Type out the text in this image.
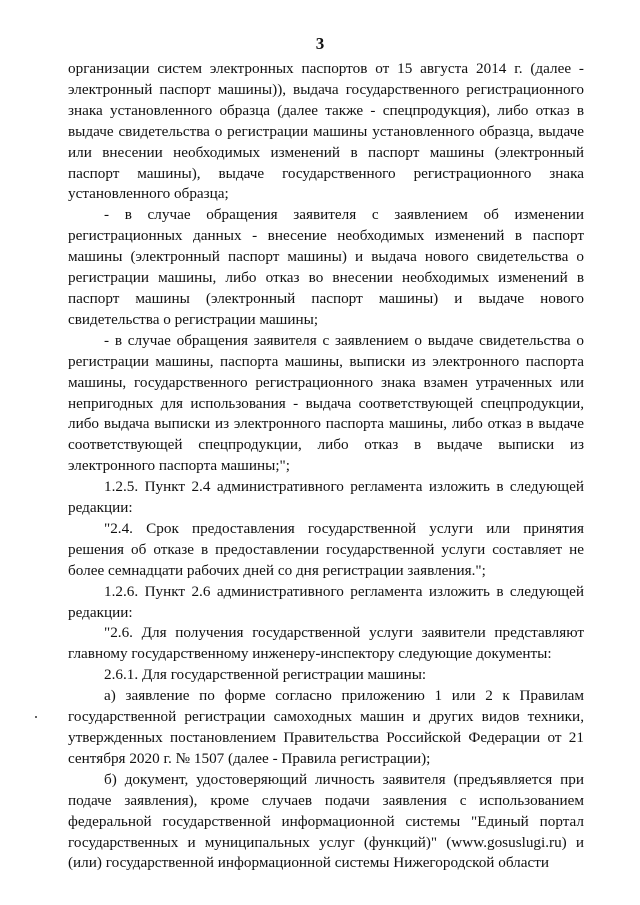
3

организации систем электронных паспортов от 15 августа 2014 г. (далее - электронный паспорт машины)), выдача государственного регистрационного знака установленного образца (далее также - спецпродукция), либо отказ в выдаче свидетельства о регистрации машины установленного образца, выдаче или внесении необходимых изменений в паспорт машины (электронный паспорт машины), выдаче государственного регистрационного знака установленного образца;

- в случае обращения заявителя с заявлением об изменении регистрационных данных - внесение необходимых изменений в паспорт машины (электронный паспорт машины) и выдача нового свидетельства о регистрации машины, либо отказ во внесении необходимых изменений в паспорт машины (электронный паспорт машины) и выдаче нового свидетельства о регистрации машины;

- в случае обращения заявителя с заявлением о выдаче свидетельства о регистрации машины, паспорта машины, выписки из электронного паспорта машины, государственного регистрационного знака взамен утраченных или непригодных для использования - выдача соответствующей спецпродукции, либо выдача выписки из электронного паспорта машины, либо отказ в выдаче соответствующей спецпродукции, либо отказ в выдаче выписки из электронного паспорта машины;";

1.2.5. Пункт 2.4 административного регламента изложить в следующей редакции:

"2.4. Срок предоставления государственной услуги или принятия решения об отказе в предоставлении государственной услуги составляет не более семнадцати рабочих дней со дня регистрации заявления.";

1.2.6. Пункт 2.6 административного регламента изложить в следующей редакции:

"2.6. Для получения государственной услуги заявители представляют главному государственному инженеру-инспектору следующие документы:

2.6.1. Для государственной регистрации машины:

а) заявление по форме согласно приложению 1 или 2 к Правилам государственной регистрации самоходных машин и других видов техники, утвержденных постановлением Правительства Российской Федерации от 21 сентября 2020 г. № 1507 (далее - Правила регистрации);

б) документ, удостоверяющий личность заявителя (предъявляется при подаче заявления), кроме случаев подачи заявления с использованием федеральной государственной информационной системы "Единый портал государственных и муниципальных услуг (функций)" (www.gosuslugi.ru) и (или) государственной информационной системы Нижегородской области
